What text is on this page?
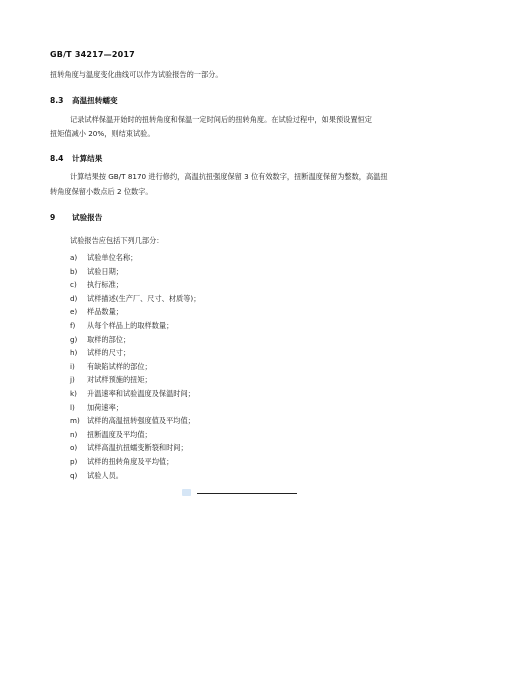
GB/T 34217—2017
扭转角度与温度变化曲线可以作为试验报告的一部分。
8.3 高温扭转蠕变
记录试样保温开始时的扭转角度和保温一定时间后的扭转角度。在试验过程中，如果预设置恒定
扭矩值减小 20%，则结束试验。
8.4 计算结果
计算结果按 GB/T 8170 进行修约，高温抗扭强度保留 3 位有效数字，扭断温度保留为整数，高温扭
转角度保留小数点后 2 位数字。
9 试验报告
试验报告应包括下列几部分：
a) 试验单位名称；
b) 试验日期；
c) 执行标准；
d) 试样描述(生产厂、尺寸、材质等)；
e) 样品数量；
f) 从每个样品上的取样数量；
g) 取样的部位；
h) 试样的尺寸；
i) 有缺陷试样的部位；
j) 对试样预施的扭矩；
k) 升温速率和试验温度及保温时间；
l) 加荷速率；
m) 试样的高温扭转强度值及平均值；
n) 扭断温度及平均值；
o) 试样高温抗扭蠕变断裂和时间；
p) 试样的扭转角度及平均值；
q) 试验人员。
